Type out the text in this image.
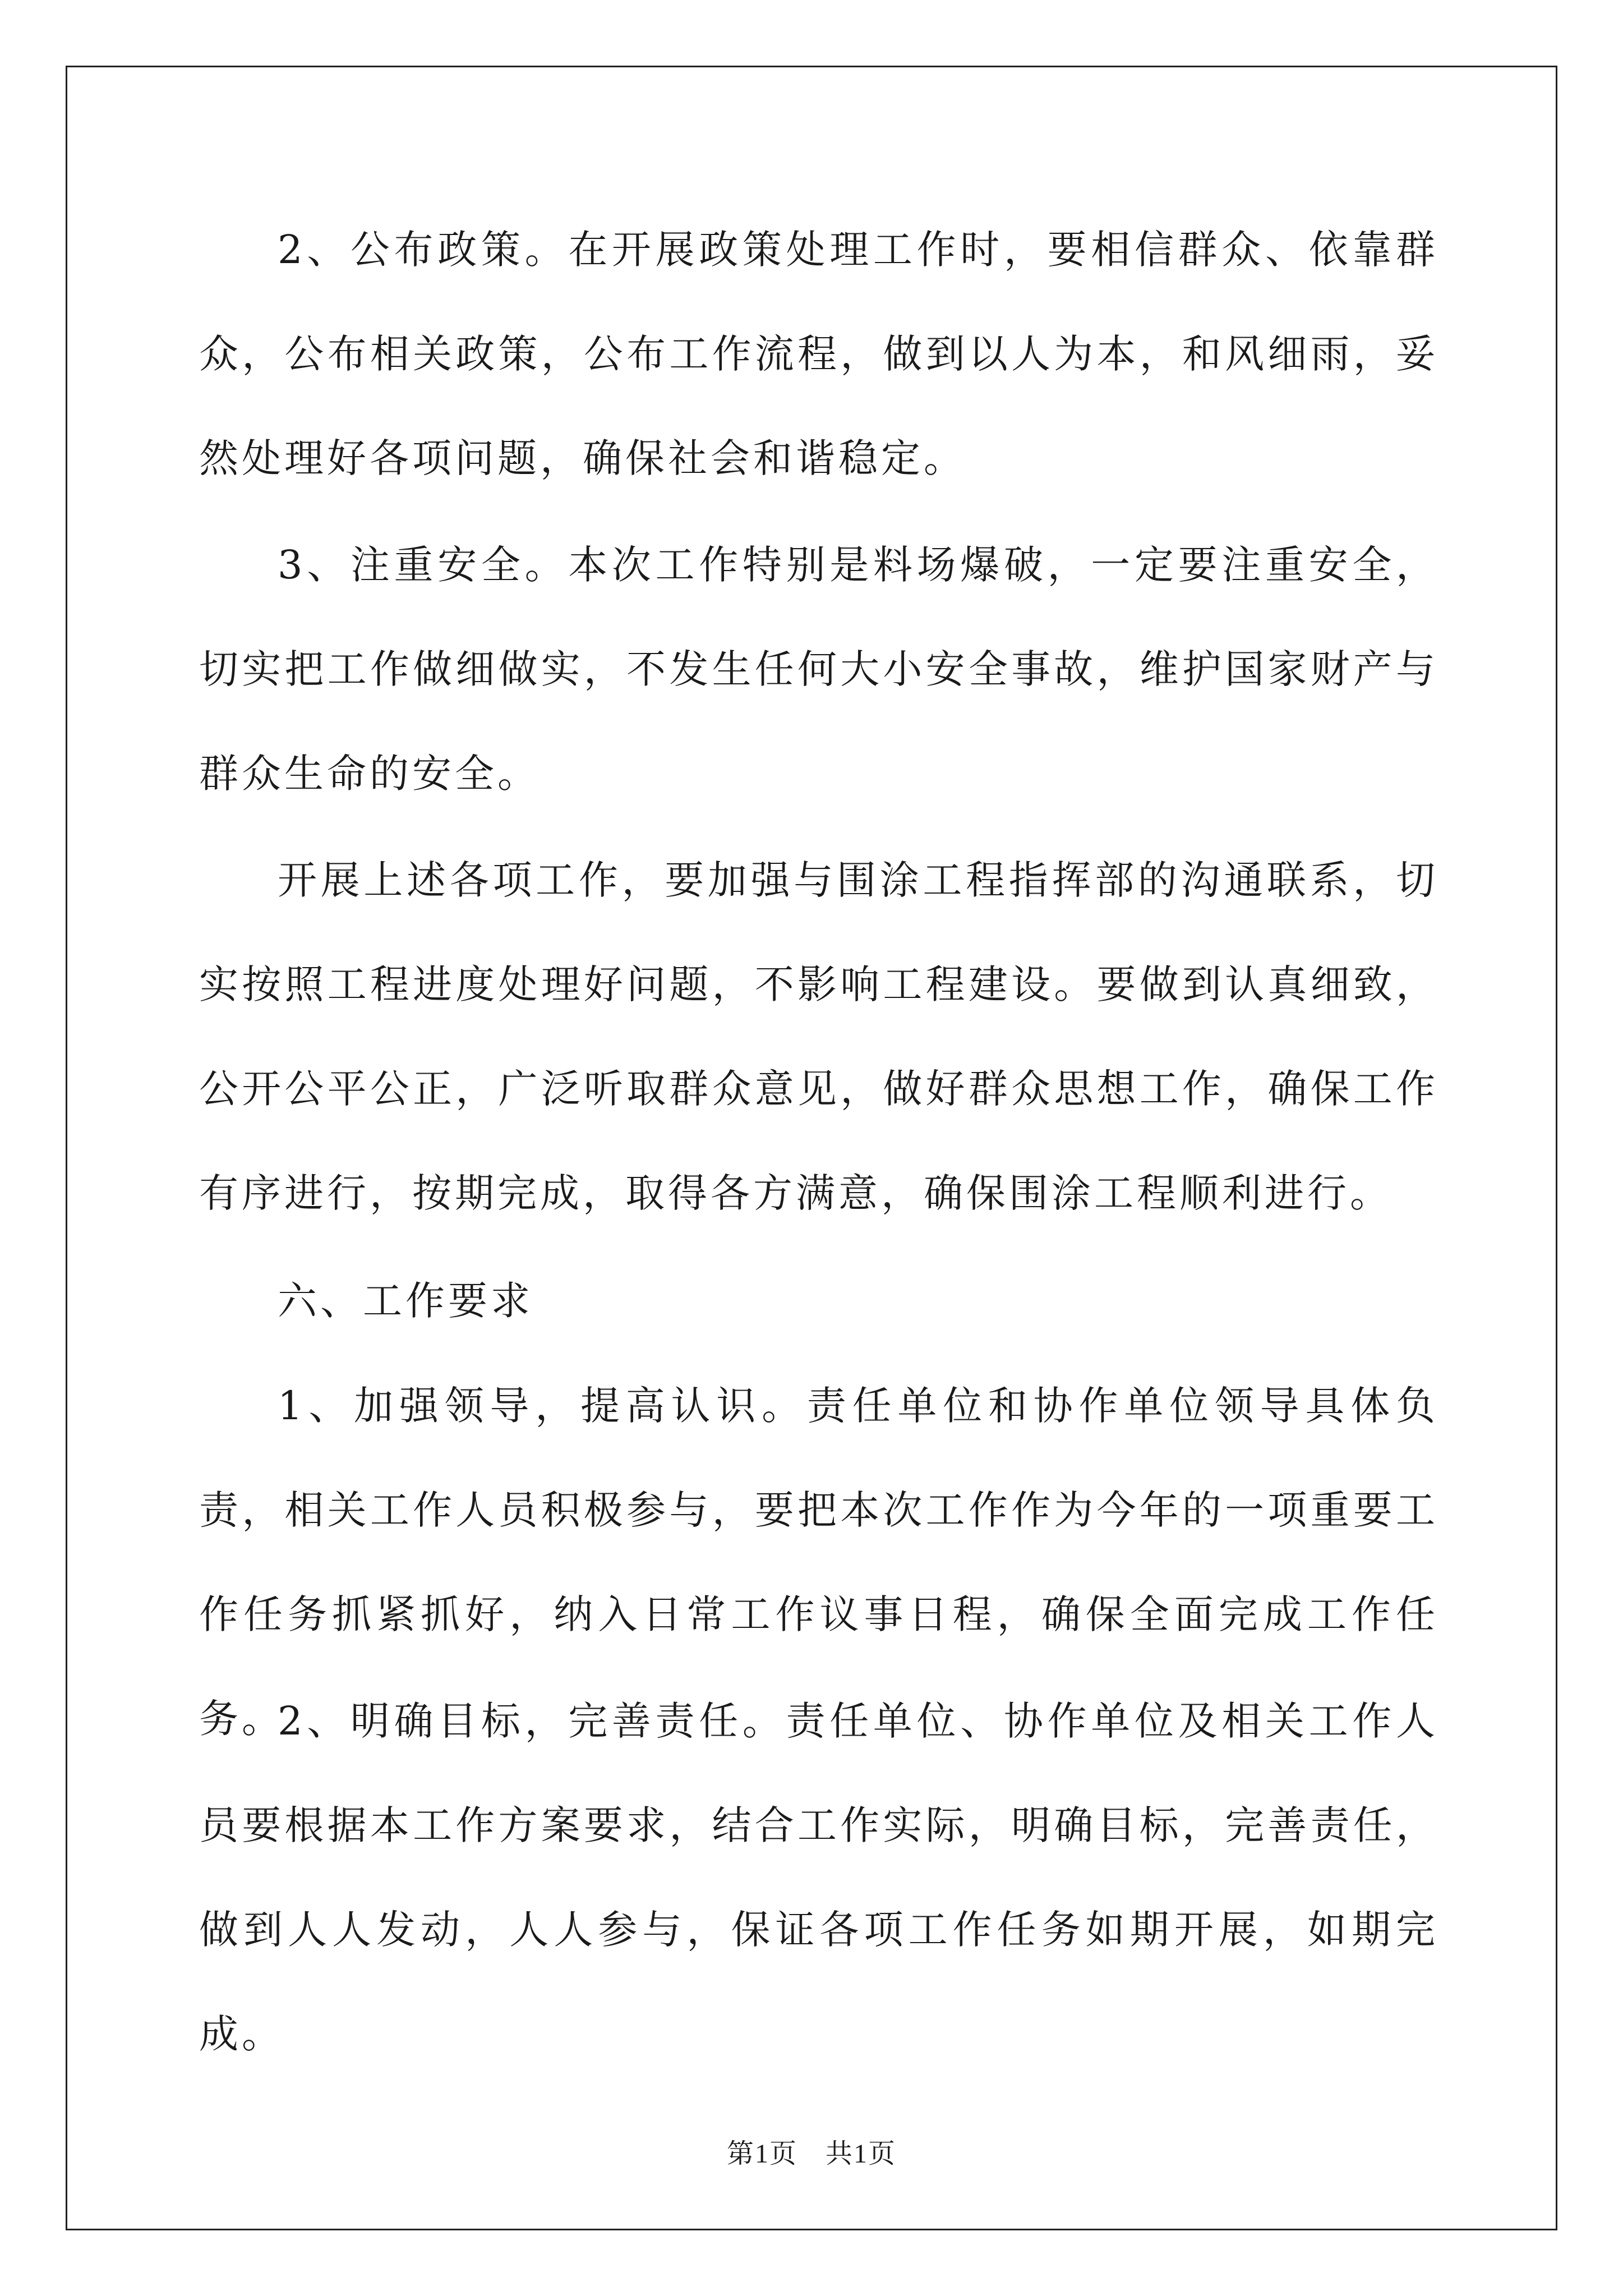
2、公布政策。在开展政策处理工作时，要相信群众、依靠群众，公布相关政策，公布工作流程，做到以人为本，和风细雨，妥然处理好各项问题，确保社会和谐稳定。

3、注重安全。本次工作特别是料场爆破，一定要注重安全，切实把工作做细做实，不发生任何大小安全事故，维护国家财产与群众生命的安全。

开展上述各项工作，要加强与围涂工程指挥部的沟通联系，切实按照工程进度处理好问题，不影响工程建设。要做到认真细致，公开公平公正，广泛听取群众意见，做好群众思想工作，确保工作有序进行，按期完成，取得各方满意，确保围涂工程顺利进行。

六、工作要求

1、加强领导，提高认识。责任单位和协作单位领导具体负责，相关工作人员积极参与，要把本次工作作为今年的一项重要工作任务抓紧抓好，纳入日常工作议事日程，确保全面完成工作任务。

2、明确目标，完善责任。责任单位、协作单位及相关工作人员要根据本工作方案要求，结合工作实际，明确目标，完善责任，做到人人发动，人人参与，保证各项工作任务如期开展，如期完成。

第1页 共1页
